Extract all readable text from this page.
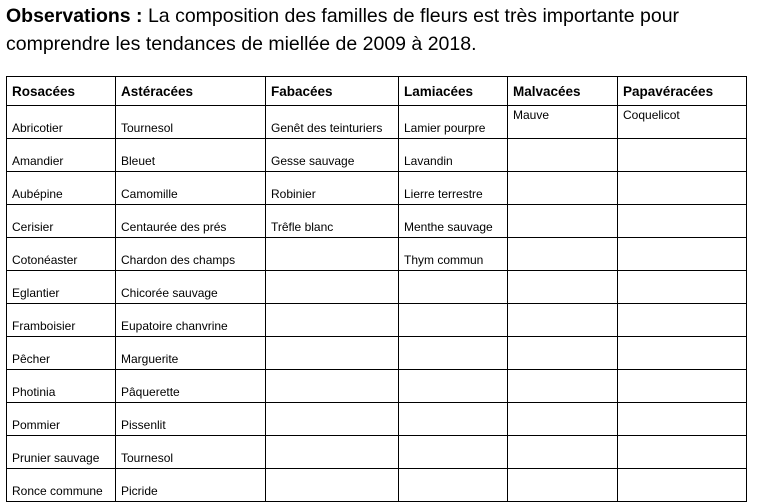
Observations : La composition des familles de fleurs est très importante pour comprendre les tendances de miellée de 2009 à 2018.
Rosacées	Astéracées	Fabacées	Lamiacées	Malvacées	Papavéracées
Abricotier	Tournesol	Genêt des teinturiers	Lamier pourpre	Mauve	Coquelicot
Amandier	Bleuet	Gesse sauvage	Lavandin		
Aubépine	Camomille	Robinier	Lierre terrestre		
Cerisier	Centaurée des prés	Trêfle blanc	Menthe sauvage		
Cotonéaster	Chardon des champs		Thym commun		
Eglantier	Chicorée sauvage				
Framboisier	Eupatoire chanvrine				
Pêcher	Marguerite				
Photinia	Pâquerette				
Pommier	Pissenlit				
Prunier sauvage	Tournesol				
Ronce commune	Picride				
